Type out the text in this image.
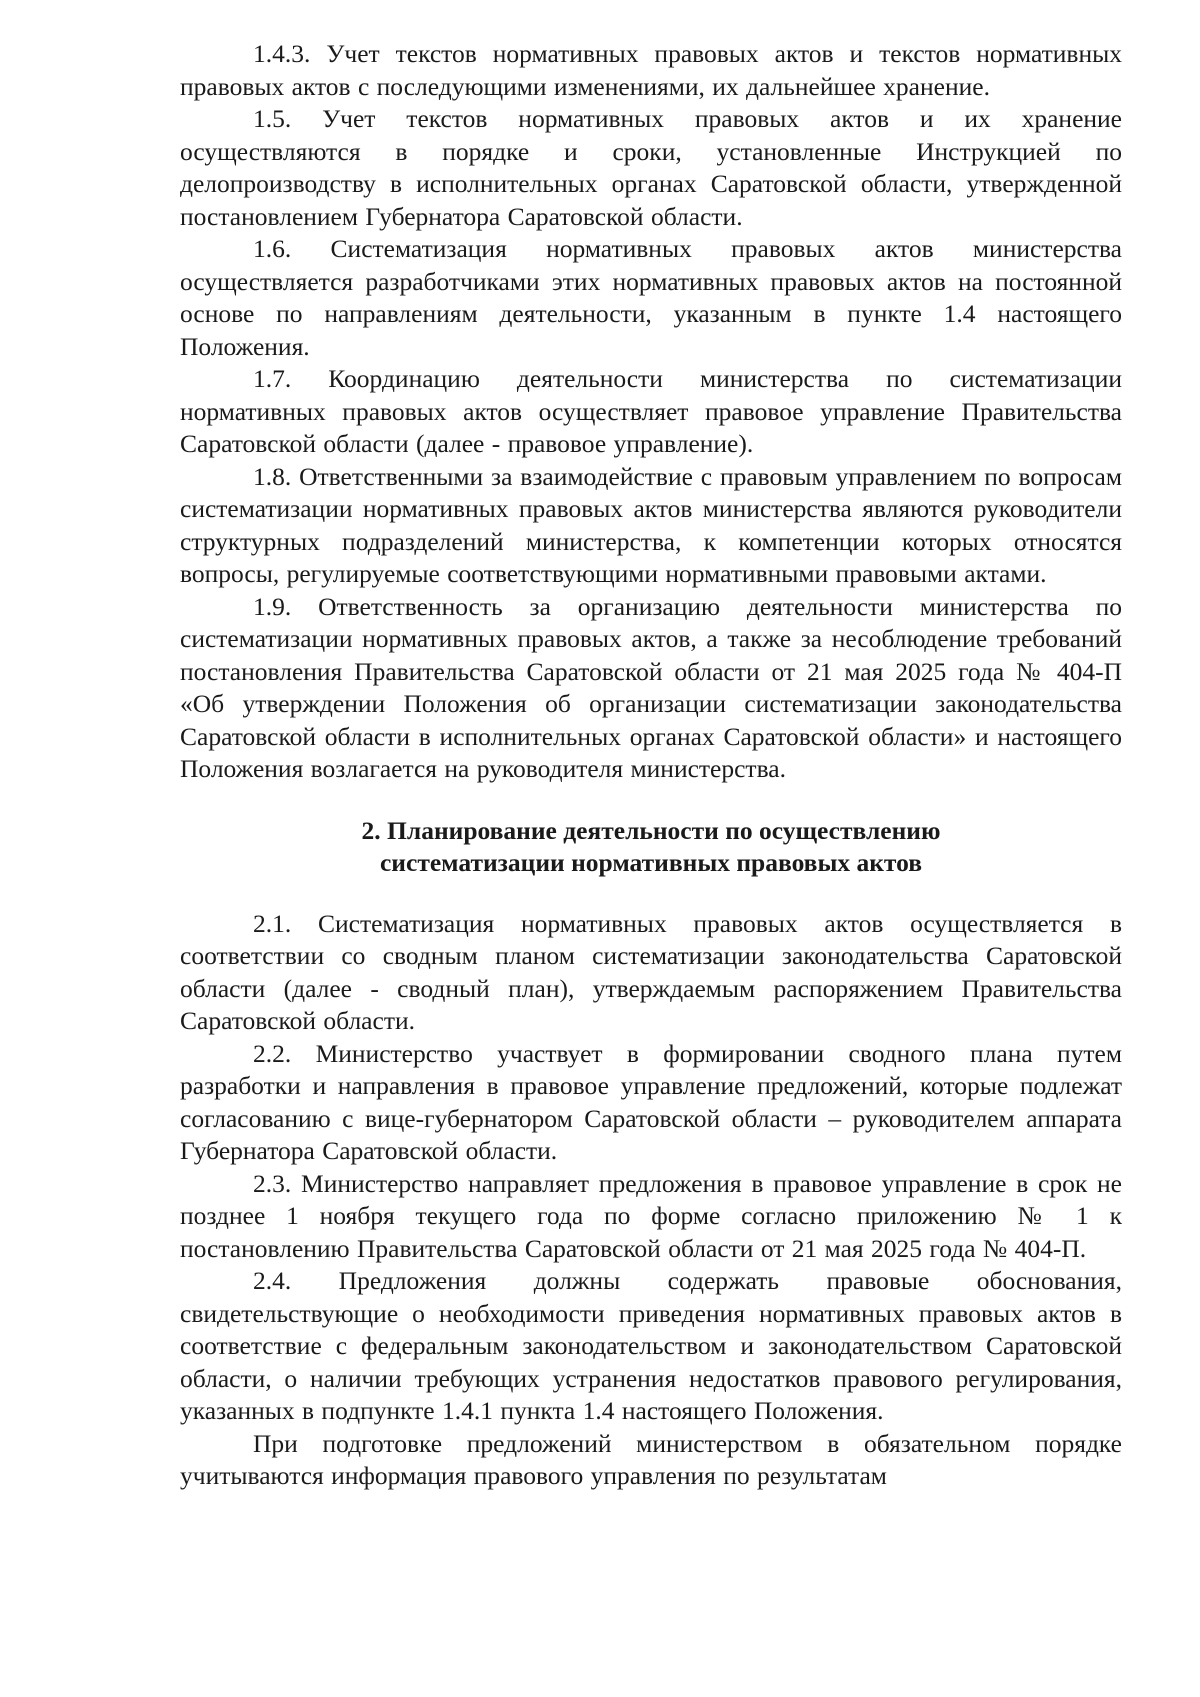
1.4.3. Учет текстов нормативных правовых актов и текстов нормативных правовых актов с последующими изменениями, их дальнейшее хранение.

1.5. Учет текстов нормативных правовых актов и их хранение осуществляются в порядке и сроки, установленные Инструкцией по делопроизводству в исполнительных органах Саратовской области, утвержденной постановлением Губернатора Саратовской области.

1.6. Систематизация нормативных правовых актов министерства осуществляется разработчиками этих нормативных правовых актов на постоянной основе по направлениям деятельности, указанным в пункте 1.4 настоящего Положения.

1.7. Координацию деятельности министерства по систематизации нормативных правовых актов осуществляет правовое управление Правительства Саратовской области (далее - правовое управление).

1.8. Ответственными за взаимодействие с правовым управлением по вопросам систематизации нормативных правовых актов министерства являются руководители структурных подразделений министерства, к компетенции которых относятся вопросы, регулируемые соответствующими нормативными правовыми актами.

1.9. Ответственность за организацию деятельности министерства по систематизации нормативных правовых актов, а также за несоблюдение требований постановления Правительства Саратовской области от 21 мая 2025 года № 404-П «Об утверждении Положения об организации систематизации законодательства Саратовской области в исполнительных органах Саратовской области» и настоящего Положения возлагается на руководителя министерства.

2. Планирование деятельности по осуществлению
систематизации нормативных правовых актов

2.1. Систематизация нормативных правовых актов осуществляется в соответствии со сводным планом систематизации законодательства Саратовской области (далее - сводный план), утверждаемым распоряжением Правительства Саратовской области.

2.2. Министерство участвует в формировании сводного плана путем разработки и направления в правовое управление предложений, которые подлежат согласованию с вице-губернатором Саратовской области – руководителем аппарата Губернатора Саратовской области.

2.3. Министерство направляет предложения в правовое управление в срок не позднее 1 ноября текущего года по форме согласно приложению № 1 к постановлению Правительства Саратовской области от 21 мая 2025 года № 404-П.

2.4. Предложения должны содержать правовые обоснования, свидетельствующие о необходимости приведения нормативных правовых актов в соответствие с федеральным законодательством и законодательством Саратовской области, о наличии требующих устранения недостатков правового регулирования, указанных в подпункте 1.4.1 пункта 1.4 настоящего Положения.

При подготовке предложений министерством в обязательном порядке учитываются информация правового управления по результатам
